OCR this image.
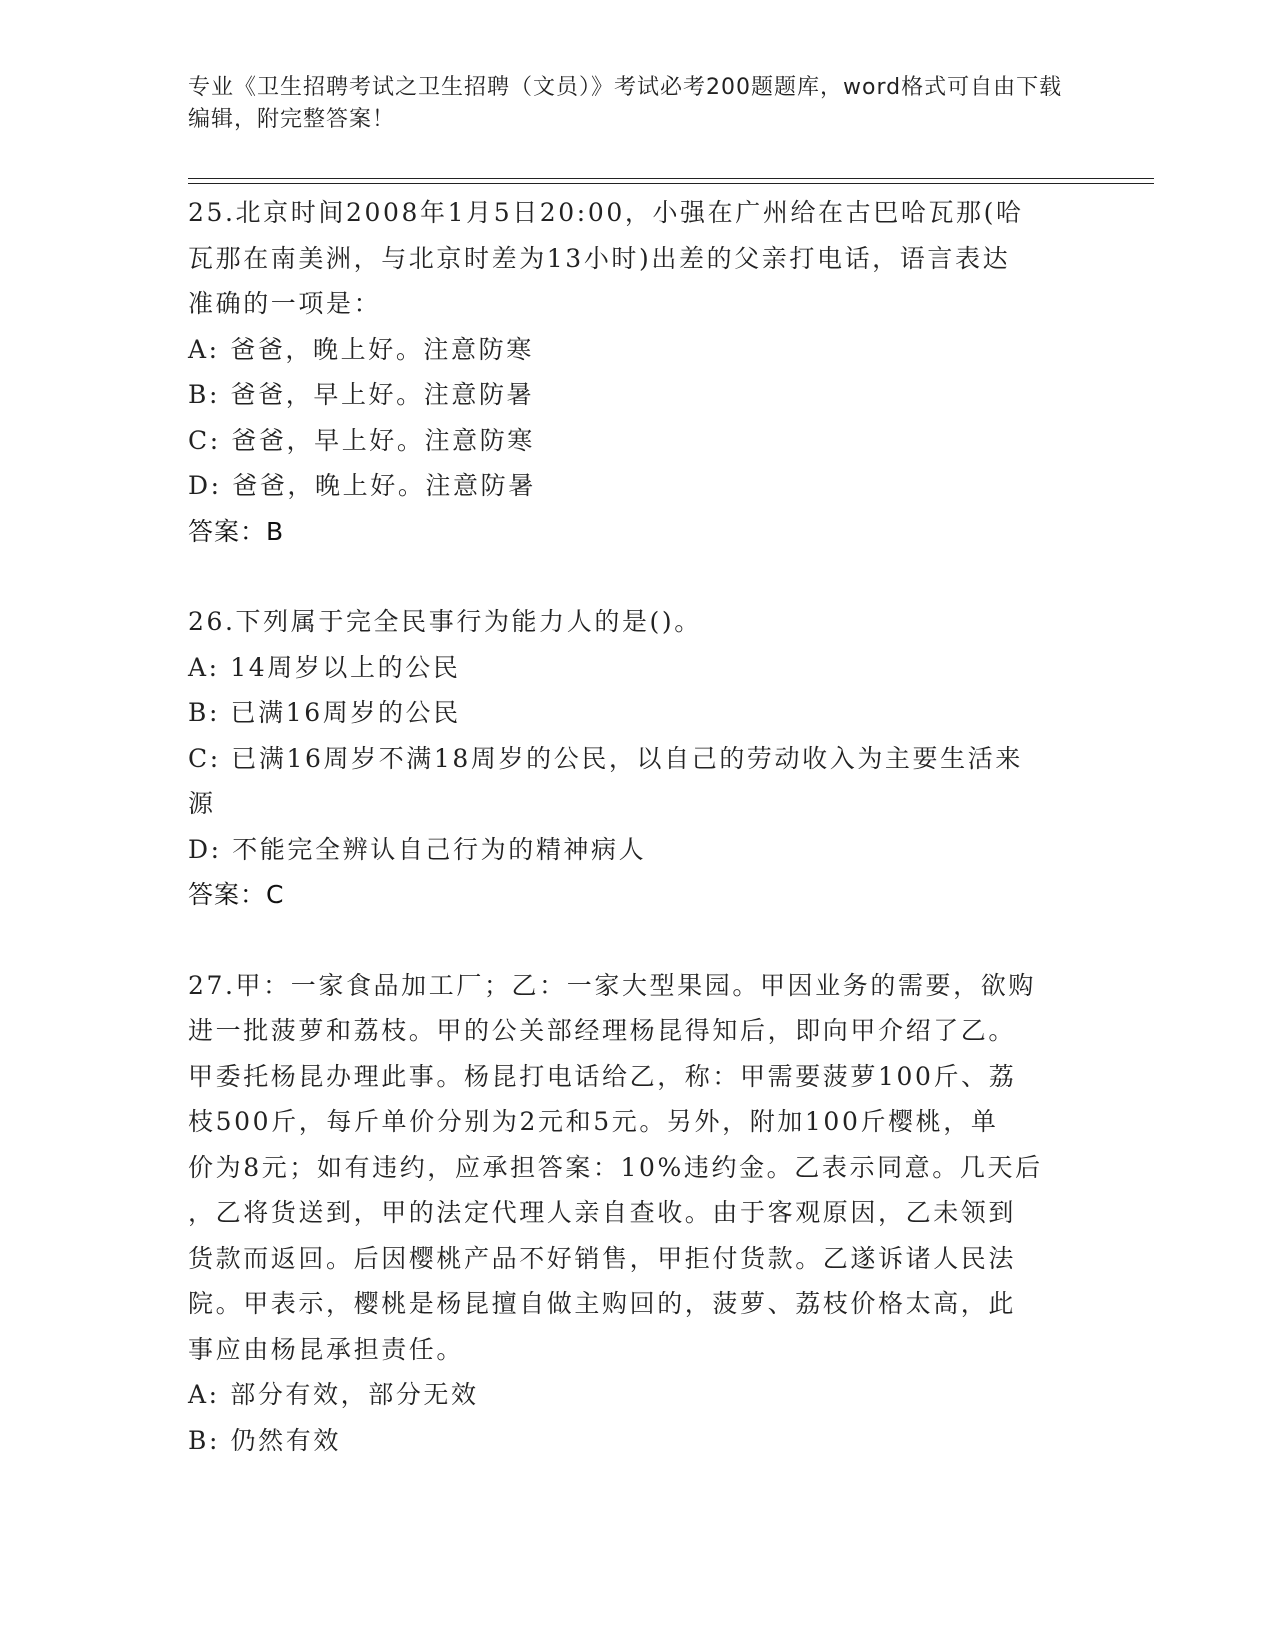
专业《卫生招聘考试之卫生招聘（文员）》考试必考200题题库，word格式可自由下载编辑，附完整答案！
25.北京时间2008年1月5日20:00，小强在广州给在古巴哈瓦那(哈
瓦那在南美洲，与北京时差为13小时)出差的父亲打电话，语言表达
准确的一项是：
A: 爸爸，晚上好。注意防寒
B: 爸爸，早上好。注意防暑
C: 爸爸，早上好。注意防寒
D: 爸爸，晚上好。注意防暑
答案：B
26.下列属于完全民事行为能力人的是()。
A: 14周岁以上的公民
B: 已满16周岁的公民
C: 已满16周岁不满18周岁的公民，以自己的劳动收入为主要生活来
源
D: 不能完全辨认自己行为的精神病人
答案：C
27.甲：一家食品加工厂；乙：一家大型果园。甲因业务的需要，欲购
进一批菠萝和荔枝。甲的公关部经理杨昆得知后，即向甲介绍了乙。
甲委托杨昆办理此事。杨昆打电话给乙，称：甲需要菠萝100斤、荔
枝500斤，每斤单价分别为2元和5元。另外，附加100斤樱桃，单
价为8元；如有违约，应承担答案：10%违约金。乙表示同意。几天后
，乙将货送到，甲的法定代理人亲自查收。由于客观原因，乙未领到
货款而返回。后因樱桃产品不好销售，甲拒付货款。乙遂诉诸人民法
院。甲表示，樱桃是杨昆擅自做主购回的，菠萝、荔枝价格太高，此
事应由杨昆承担责任。
A: 部分有效，部分无效
B: 仍然有效
